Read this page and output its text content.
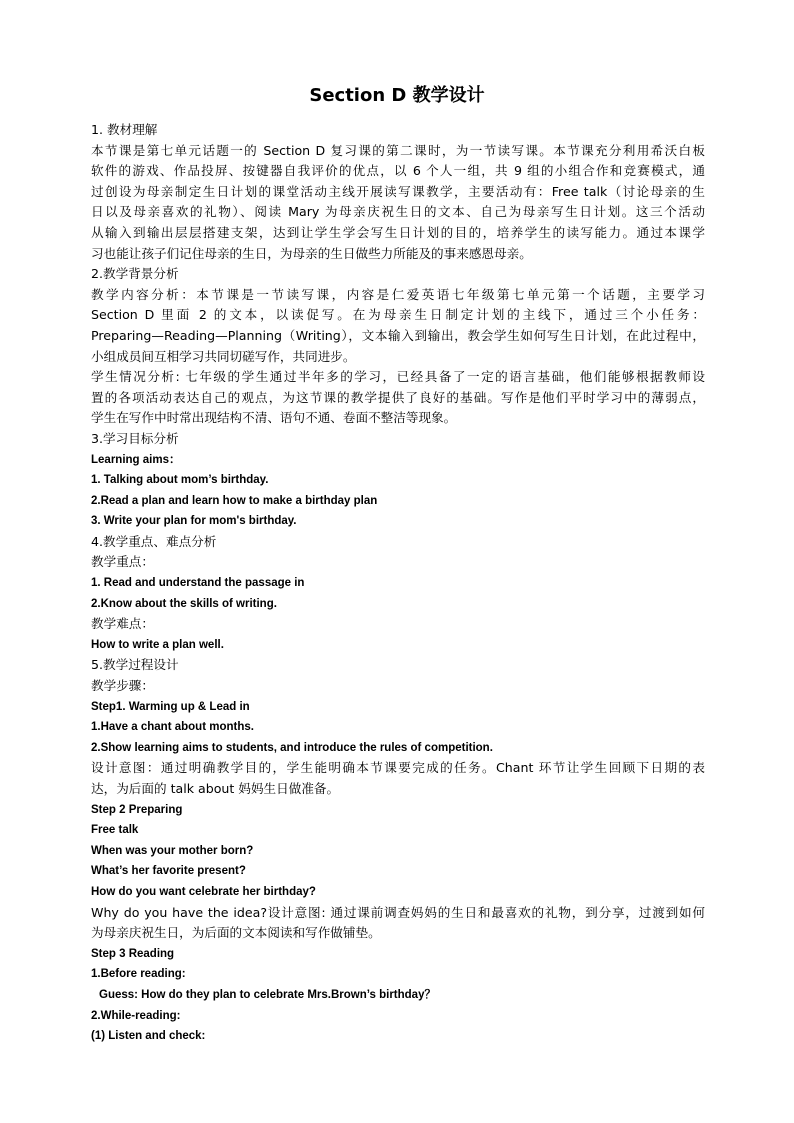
Section D 教学设计

1. 教材理解

本节课是第七单元话题一的 Section D 复习课的第二课时，为一节读写课。本节课充分利用希沃白板

软件的游戏、作品投屏、按键器自我评价的优点，以 6 个人一组，共 9 组的小组合作和竞赛模式，通

过创设为母亲制定生日计划的课堂活动主线开展读写课教学，主要活动有：Free talk（讨论母亲的生

日以及母亲喜欢的礼物）、阅读 Mary 为母亲庆祝生日的文本、自己为母亲写生日计划。这三个活动

从输入到输出层层搭建支架，达到让学生学会写生日计划的目的，培养学生的读写能力。通过本课学

习也能让孩子们记住母亲的生日，为母亲的生日做些力所能及的事来感恩母亲。

2.教学背景分析

教学内容分析：本节课是一节读写课，内容是仁爱英语七年级第七单元第一个话题，主要学习

Section D 里面 2 的文本，以读促写。在为母亲生日制定计划的主线下，通过三个小任务：

Preparing—Reading—Planning（Writing），文本输入到输出，教会学生如何写生日计划，在此过程中，

小组成员间互相学习共同切磋写作，共同进步。

学生情况分析: 七年级的学生通过半年多的学习，已经具备了一定的语言基础，他们能够根据教师设

置的各项活动表达自己的观点，为这节课的教学提供了良好的基础。写作是他们平时学习中的薄弱点，

学生在写作中时常出现结构不清、语句不通、卷面不整洁等现象。

3.学习目标分析

Learning aims：

1. Talking about mom’s birthday.

2.Read a plan and learn how to make a birthday plan

3. Write your plan for mom's birthday.

4.教学重点、难点分析

教学重点：

1. Read and understand the passage in

2.Know about the skills of writing.

教学难点：

How to write a plan well.

5.教学过程设计

教学步骤：

Step1. Warming up & Lead in

1.Have a chant about months.

2.Show learning aims to students, and introduce the rules of competition.

设计意图：通过明确教学目的，学生能明确本节课要完成的任务。Chant 环节让学生回顾下日期的表

达，为后面的 talk about 妈妈生日做准备。

Step 2 Preparing

Free talk

When was your mother born?

What’s her favorite present?

How do you want celebrate her birthday?

Why do you have the idea?设计意图: 通过课前调查妈妈的生日和最喜欢的礼物，到分享，过渡到如何

为母亲庆祝生日，为后面的文本阅读和写作做铺垫。

Step 3 Reading

1.Before reading:

Guess: How do they plan to celebrate Mrs.Brown’s birthday？

2.While-reading:

(1) Listen and check:
